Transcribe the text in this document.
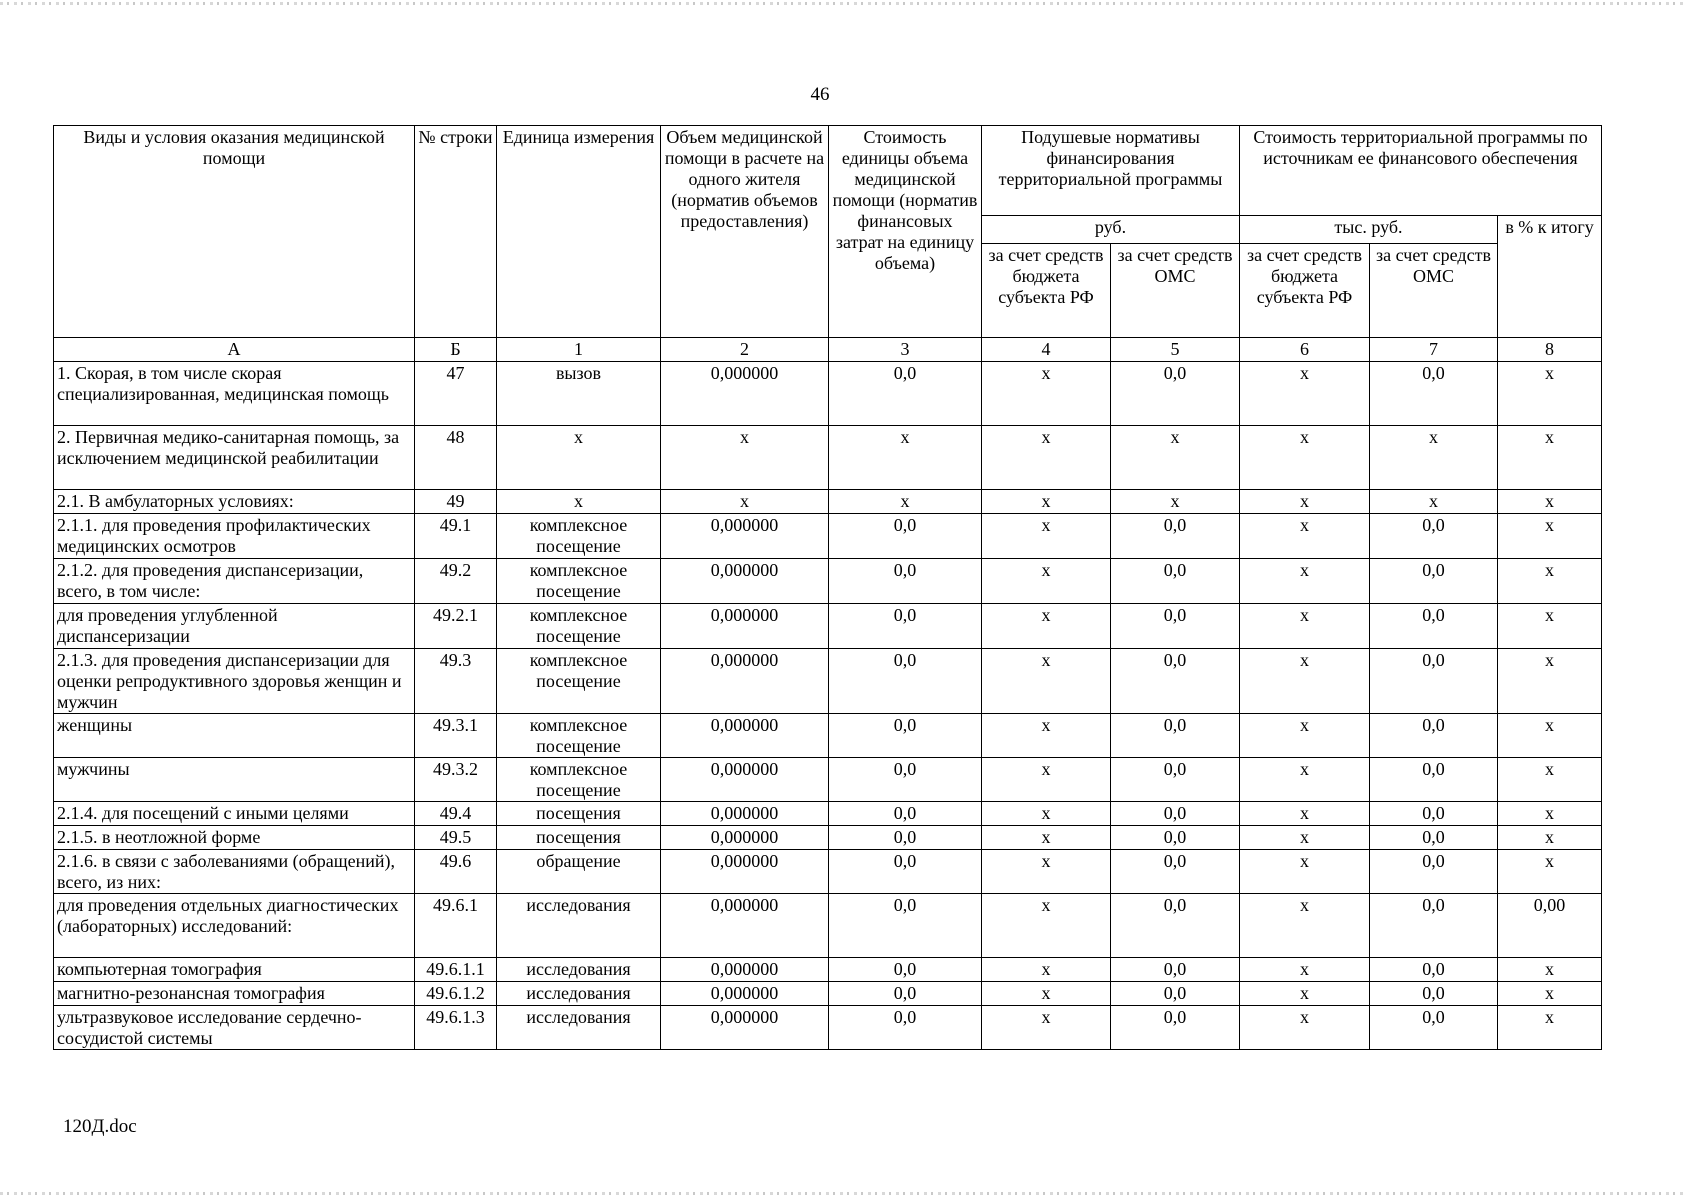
46
Виды и условия оказания медицинской помощи	№ строки	Единица измерения	Объем медицинской помощи в расчете на одного жителя (норматив объемов предоставления)	Стоимость единицы объема медицинской помощи (норматив финансовых затрат на единицу объема)	Подушевые нормативы финансирования территориальной программы		Стоимость территориальной программы по источникам ее финансового обеспечения		
					руб.		тыс. руб.		в % к итогу
					за счет средств бюджета субъекта РФ	за счет средств ОМС	за счет средств бюджета субъекта РФ	за счет средств ОМС	
А	Б	1	2	3	4	5	6	7	8
1. Скорая, в том числе скорая специализированная, медицинская помощь	47	вызов	0,000000	0,0	x	0,0	x	0,0	x
2. Первичная медико-санитарная помощь, за исключением медицинской реабилитации	48	x	x	x	x	x	x	x	x
2.1. В амбулаторных условиях:	49	x	x	x	x	x	x	x	x
2.1.1. для проведения профилактических медицинских осмотров	49.1	комплексное посещение	0,000000	0,0	x	0,0	x	0,0	x
2.1.2. для проведения диспансеризации, всего, в том числе:	49.2	комплексное посещение	0,000000	0,0	x	0,0	x	0,0	x
для проведения углубленной диспансеризации	49.2.1	комплексное посещение	0,000000	0,0	x	0,0	x	0,0	x
2.1.3. для проведения диспансеризации для оценки репродуктивного здоровья женщин и мужчин	49.3	комплексное посещение	0,000000	0,0	x	0,0	x	0,0	x
женщины	49.3.1	комплексное посещение	0,000000	0,0	x	0,0	x	0,0	x
мужчины	49.3.2	комплексное посещение	0,000000	0,0	x	0,0	x	0,0	x
2.1.4. для посещений с иными целями	49.4	посещения	0,000000	0,0	x	0,0	x	0,0	x
2.1.5. в неотложной форме	49.5	посещения	0,000000	0,0	x	0,0	x	0,0	x
2.1.6. в связи с заболеваниями (обращений), всего, из них:	49.6	обращение	0,000000	0,0	x	0,0	x	0,0	x
для проведения отдельных диагностических (лабораторных) исследований:	49.6.1	исследования	0,000000	0,0	x	0,0	x	0,0	0,00
компьютерная томография	49.6.1.1	исследования	0,000000	0,0	x	0,0	x	0,0	x
магнитно-резонансная томография	49.6.1.2	исследования	0,000000	0,0	x	0,0	x	0,0	x
ультразвуковое исследование сердечно-сосудистой системы	49.6.1.3	исследования	0,000000	0,0	x	0,0	x	0,0	x
120Д.doc
